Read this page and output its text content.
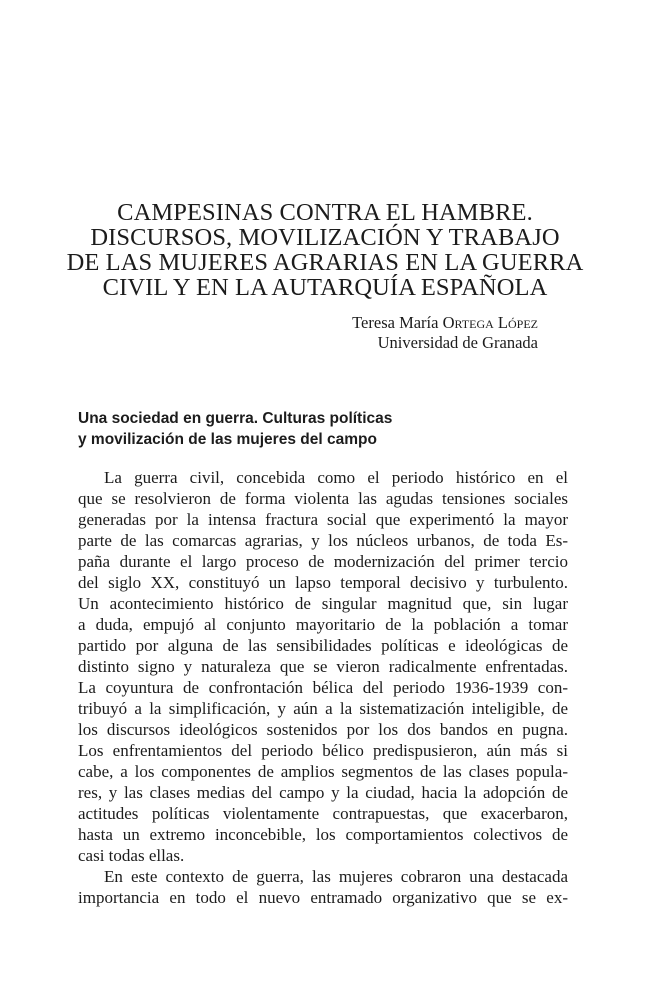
CAMPESINAS CONTRA EL HAMBRE.
DISCURSOS, MOVILIZACIÓN Y TRABAJO
DE LAS MUJERES AGRARIAS EN LA GUERRA
CIVIL Y EN LA AUTARQUÍA ESPAÑOLA
Teresa María Ortega López
Universidad de Granada
Una sociedad en guerra. Culturas políticas
y movilización de las mujeres del campo
La guerra civil, concebida como el periodo histórico en el
que se resolvieron de forma violenta las agudas tensiones sociales
generadas por la intensa fractura social que experimentó la mayor
parte de las comarcas agrarias, y los núcleos urbanos, de toda Es-
paña durante el largo proceso de modernización del primer tercio
del siglo XX, constituyó un lapso temporal decisivo y turbulento.
Un acontecimiento histórico de singular magnitud que, sin lugar
a duda, empujó al conjunto mayoritario de la población a tomar
partido por alguna de las sensibilidades políticas e ideológicas de
distinto signo y naturaleza que se vieron radicalmente enfrentadas.
La coyuntura de confrontación bélica del periodo 1936-1939 con-
tribuyó a la simplificación, y aún a la sistematización inteligible, de
los discursos ideológicos sostenidos por los dos bandos en pugna.
Los enfrentamientos del periodo bélico predispusieron, aún más si
cabe, a los componentes de amplios segmentos de las clases popula-
res, y las clases medias del campo y la ciudad, hacia la adopción de
actitudes políticas violentamente contrapuestas, que exacerbaron,
hasta un extremo inconcebible, los comportamientos colectivos de
casi todas ellas.
En este contexto de guerra, las mujeres cobraron una destacada
importancia en todo el nuevo entramado organizativo que se ex-
